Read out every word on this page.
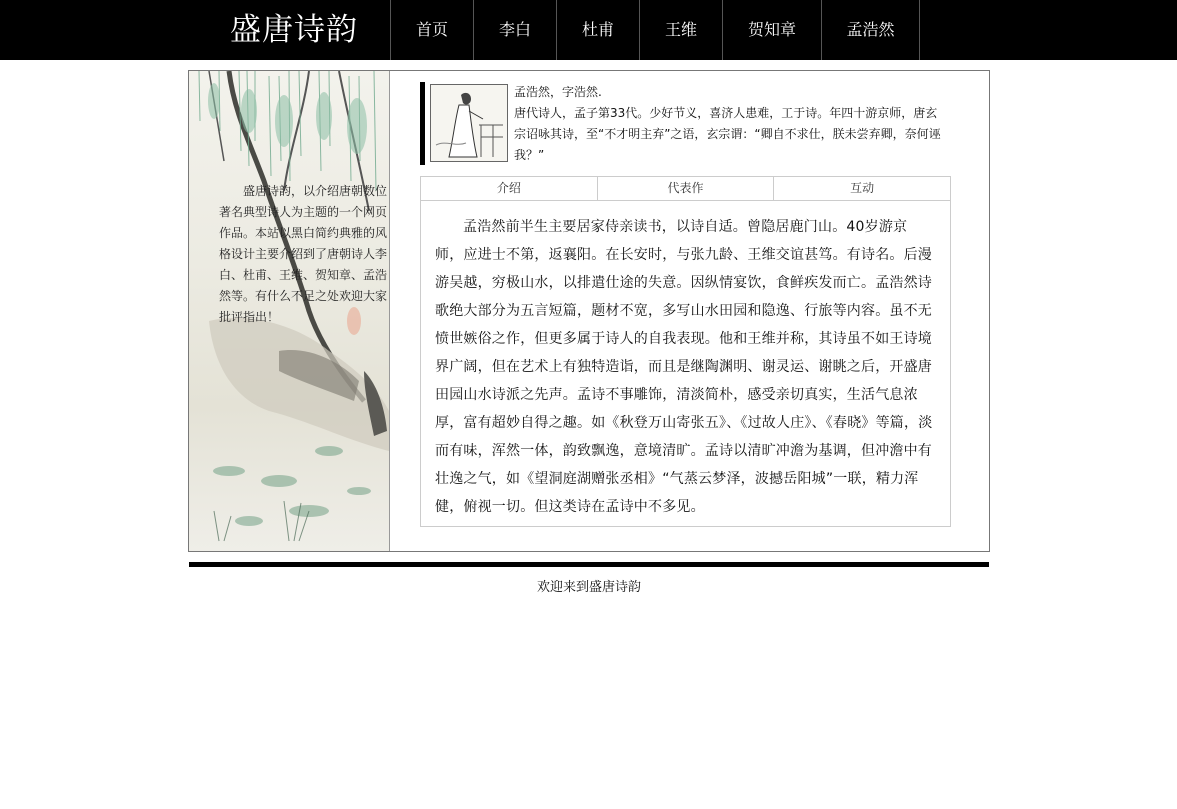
盛唐诗韵	首页	李白	杜甫	王维	贺知章	孟浩然
盛唐诗韵，以介绍唐朝数位著名典型诗人为主题的一个网页作品。本站以黑白简约典雅的风格设计主要介绍到了唐朝诗人李白、杜甫、王维、贺知章、孟浩然等。有什么不足之处欢迎大家批评指出！
孟浩然，字浩然.
唐代诗人，孟子第33代。少好节义，喜济人患难，工于诗。年四十游京师，唐玄宗诏咏其诗，至“不才明主弃”之语，玄宗谓：“卿自不求仕，朕未尝弃卿，奈何诬我？”
介绍	代表作	互动

孟浩然前半生主要居家侍亲读书，以诗自适。曾隐居鹿门山。40岁游京师，应进士不第，返襄阳。在长安时，与张九龄、王维交谊甚笃。有诗名。后漫游吴越，穷极山水，以排遣仕途的失意。因纵情宴饮，食鲜疾发而亡。孟浩然诗歌绝大部分为五言短篇，题材不宽，多写山水田园和隐逸、行旅等内容。虽不无愤世嫉俗之作，但更多属于诗人的自我表现。他和王维并称，其诗虽不如王诗境界广阔，但在艺术上有独特造诣，而且是继陶渊明、谢灵运、谢眺之后，开盛唐田园山水诗派之先声。孟诗不事雕饰，清淡简朴，感受亲切真实，生活气息浓厚，富有超妙自得之趣。如《秋登万山寄张五》、《过故人庄》、《春晓》等篇，淡而有味，浑然一体，韵致飘逸，意境清旷。孟诗以清旷冲澹为基调，但冲澹中有壮逸之气，如《望洞庭湖赠张丞相》“气蒸云梦泽，波撼岳阳城”一联，精力浑健，俯视一切。但这类诗在孟诗中不多见。

欢迎来到盛唐诗韵
